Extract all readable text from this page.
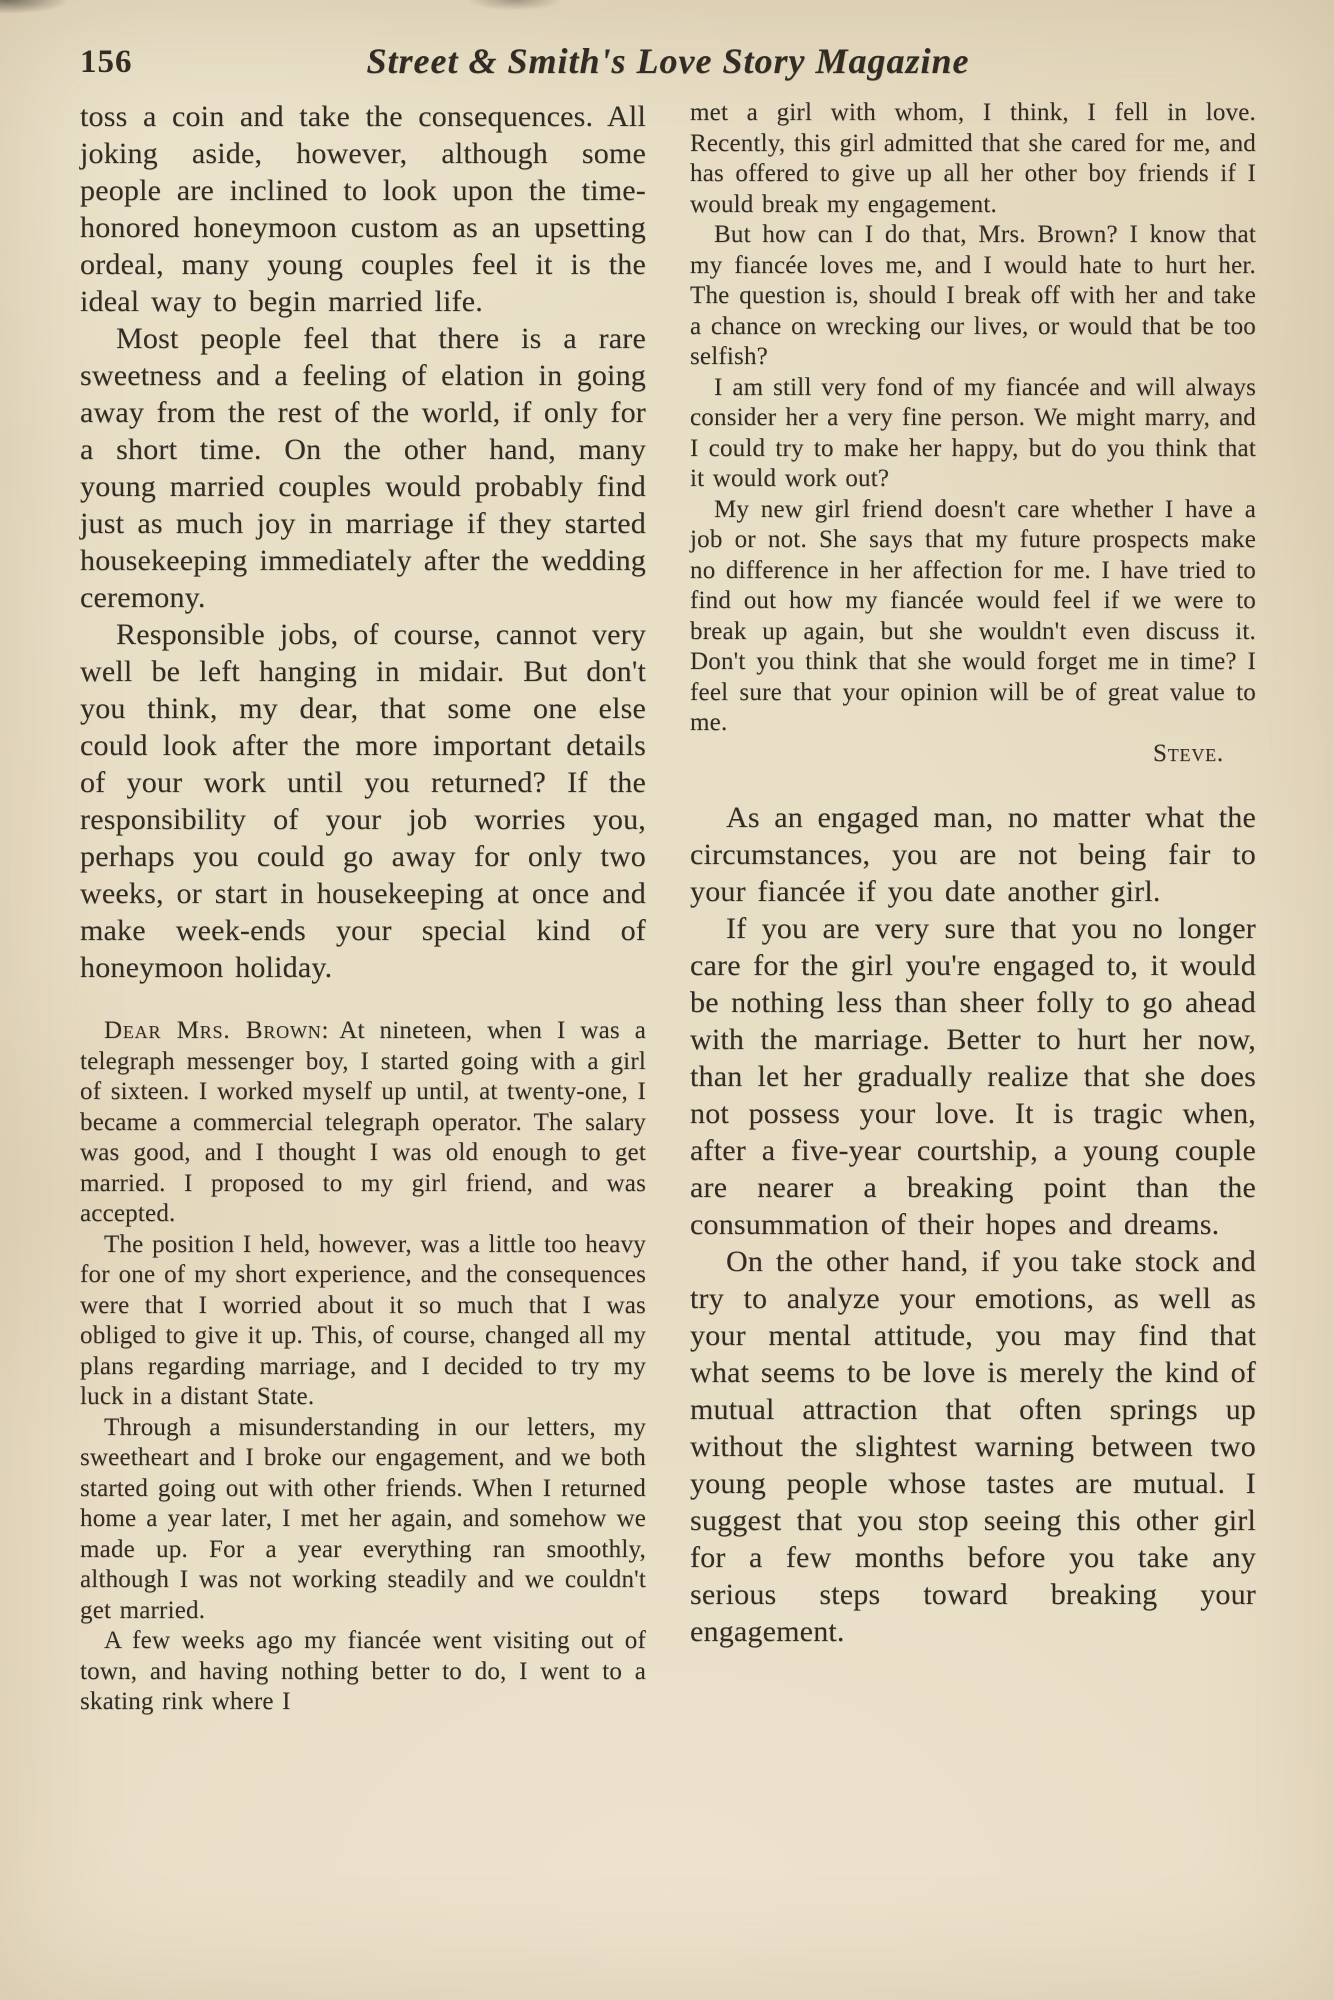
156	Street & Smith's Love Story Magazine

toss a coin and take the consequences. All joking aside, however, although some people are inclined to look upon the time-honored honeymoon custom as an upsetting ordeal, many young couples feel it is the ideal way to begin married life.

Most people feel that there is a rare sweetness and a feeling of elation in going away from the rest of the world, if only for a short time. On the other hand, many young married couples would probably find just as much joy in marriage if they started housekeeping immediately after the wedding ceremony.

Responsible jobs, of course, cannot very well be left hanging in midair. But don't you think, my dear, that some one else could look after the more important details of your work until you returned? If the responsibility of your job worries you, perhaps you could go away for only two weeks, or start in housekeeping at once and make week-ends your special kind of honeymoon holiday.

Dear Mrs. Brown: At nineteen, when I was a telegraph messenger boy, I started going with a girl of sixteen. I worked myself up until, at twenty-one, I became a commercial telegraph operator. The salary was good, and I thought I was old enough to get married. I proposed to my girl friend, and was accepted.

The position I held, however, was a little too heavy for one of my short experience, and the consequences were that I worried about it so much that I was obliged to give it up. This, of course, changed all my plans regarding marriage, and I decided to try my luck in a distant State.

Through a misunderstanding in our letters, my sweetheart and I broke our engagement, and we both started going out with other friends. When I returned home a year later, I met her again, and somehow we made up. For a year everything ran smoothly, although I was not working steadily and we couldn't get married.

A few weeks ago my fiancée went visiting out of town, and having nothing better to do, I went to a skating rink where I

met a girl with whom, I think, I fell in love. Recently, this girl admitted that she cared for me, and has offered to give up all her other boy friends if I would break my engagement.

But how can I do that, Mrs. Brown? I know that my fiancée loves me, and I would hate to hurt her. The question is, should I break off with her and take a chance on wrecking our lives, or would that be too selfish?

I am still very fond of my fiancée and will always consider her a very fine person. We might marry, and I could try to make her happy, but do you think that it would work out?

My new girl friend doesn't care whether I have a job or not. She says that my future prospects make no difference in her affection for me. I have tried to find out how my fiancée would feel if we were to break up again, but she wouldn't even discuss it. Don't you think that she would forget me in time? I feel sure that your opinion will be of great value to me.

Steve.

As an engaged man, no matter what the circumstances, you are not being fair to your fiancée if you date another girl.

If you are very sure that you no longer care for the girl you're engaged to, it would be nothing less than sheer folly to go ahead with the marriage. Better to hurt her now, than let her gradually realize that she does not possess your love. It is tragic when, after a five-year courtship, a young couple are nearer a breaking point than the consummation of their hopes and dreams.

On the other hand, if you take stock and try to analyze your emotions, as well as your mental attitude, you may find that what seems to be love is merely the kind of mutual attraction that often springs up without the slightest warning between two young people whose tastes are mutual. I suggest that you stop seeing this other girl for a few months before you take any serious steps toward breaking your engagement.
